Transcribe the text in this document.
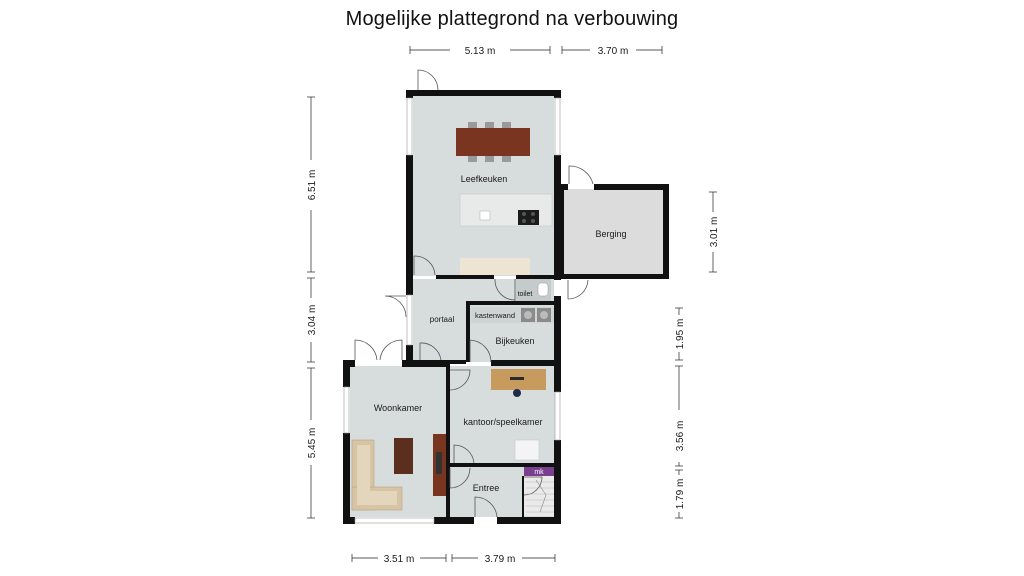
Mogelijke plattegrond na verbouwing
Leefkeuken
Berging
toilet
portaal	kastenwand
Bijkeuken
Woonkamer
kantoor/speelkamer
Entree
mk
5.13 m	3.70 m
6.51 m
3.04 m
5.45 m
3.01 m
1.95 m
3.56 m
1.79 m
3.51 m	3.79 m
